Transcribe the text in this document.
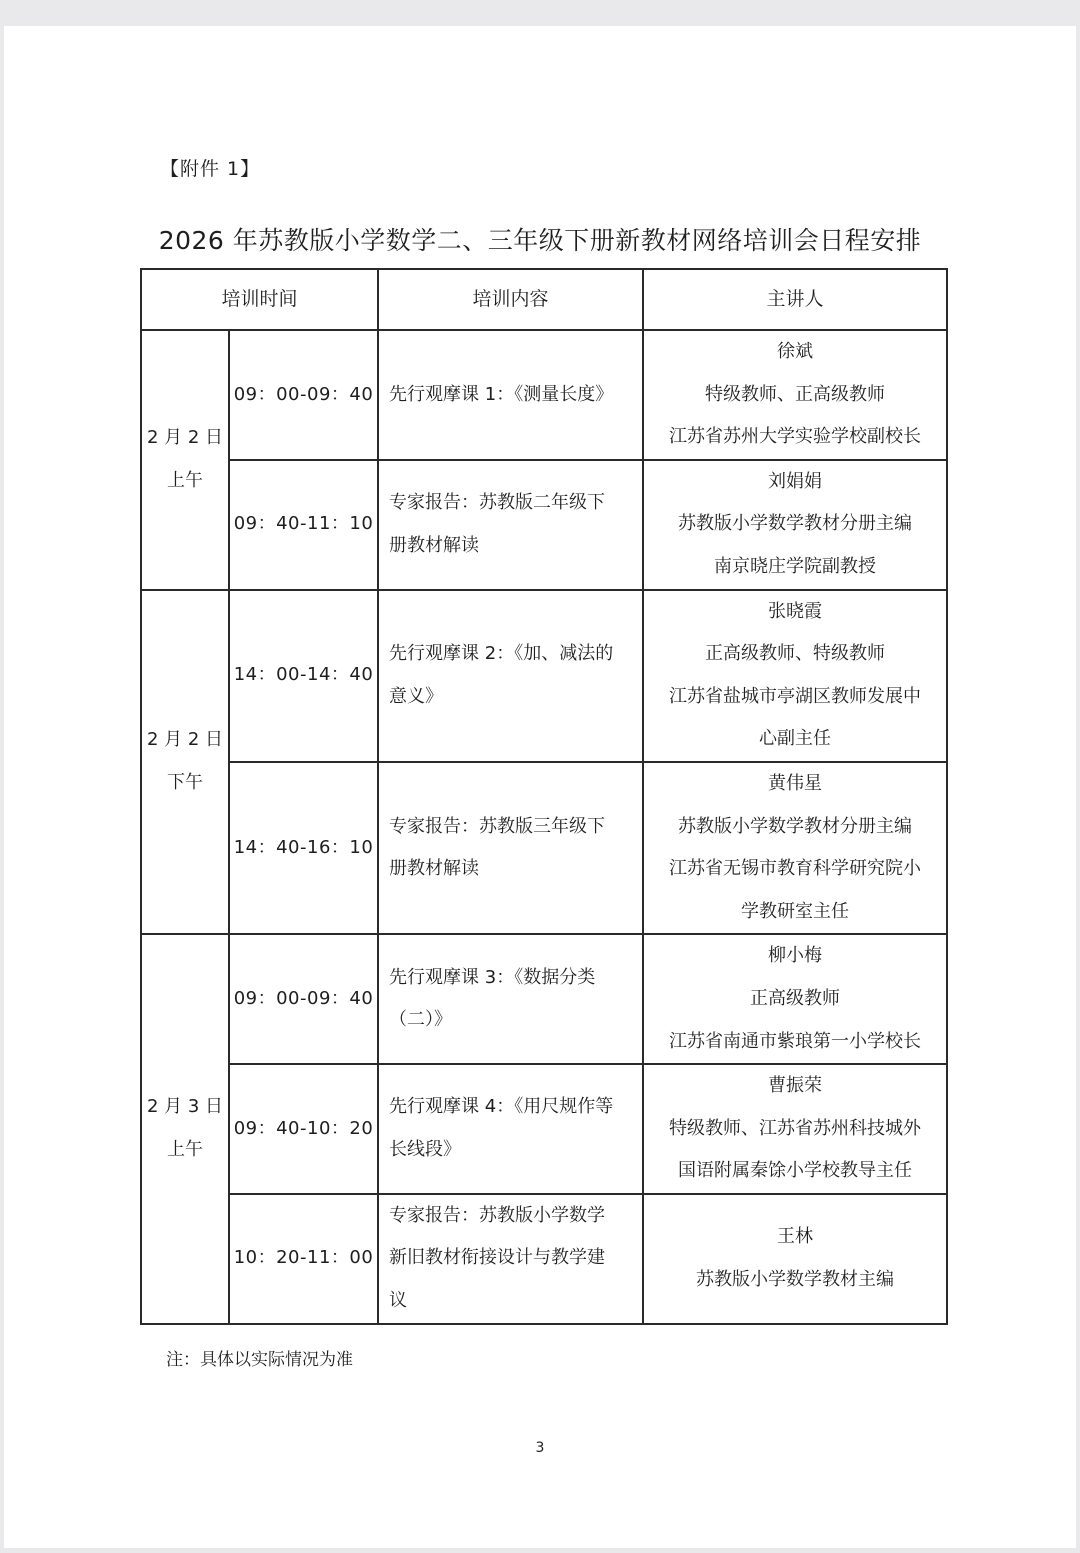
【附件 1】
2026 年苏教版小学数学二、三年级下册新教材网络培训会日程安排
培训时间		培训内容	主讲人

2 月 2 日
上午	09：00-09：40	先行观摩课 1：《测量长度》	徐斌
特级教师、正高级教师
江苏省苏州大学实验学校副校长

	09：40-11：10	专家报告：苏教版二年级下
册教材解读	刘娟娟
苏教版小学数学教材分册主编
南京晓庄学院副教授

2 月 2 日
下午	14：00-14：40	先行观摩课 2：《加、减法的
意义》	张晓霞
正高级教师、特级教师
江苏省盐城市亭湖区教师发展中
心副主任

	14：40-16：10	专家报告：苏教版三年级下
册教材解读	黄伟星
苏教版小学数学教材分册主编
江苏省无锡市教育科学研究院小
学教研室主任

2 月 3 日
上午	09：00-09：40	先行观摩课 3：《数据分类
（二）》	柳小梅
正高级教师
江苏省南通市紫琅第一小学校长

	09：40-10：20	先行观摩课 4：《用尺规作等
长线段》	曹振荣
特级教师、江苏省苏州科技城外
国语附属秦馀小学校教导主任

	10：20-11：00	专家报告：苏教版小学数学
新旧教材衔接设计与教学建
议	王林
苏教版小学数学教材主编
注：具体以实际情况为准
3
